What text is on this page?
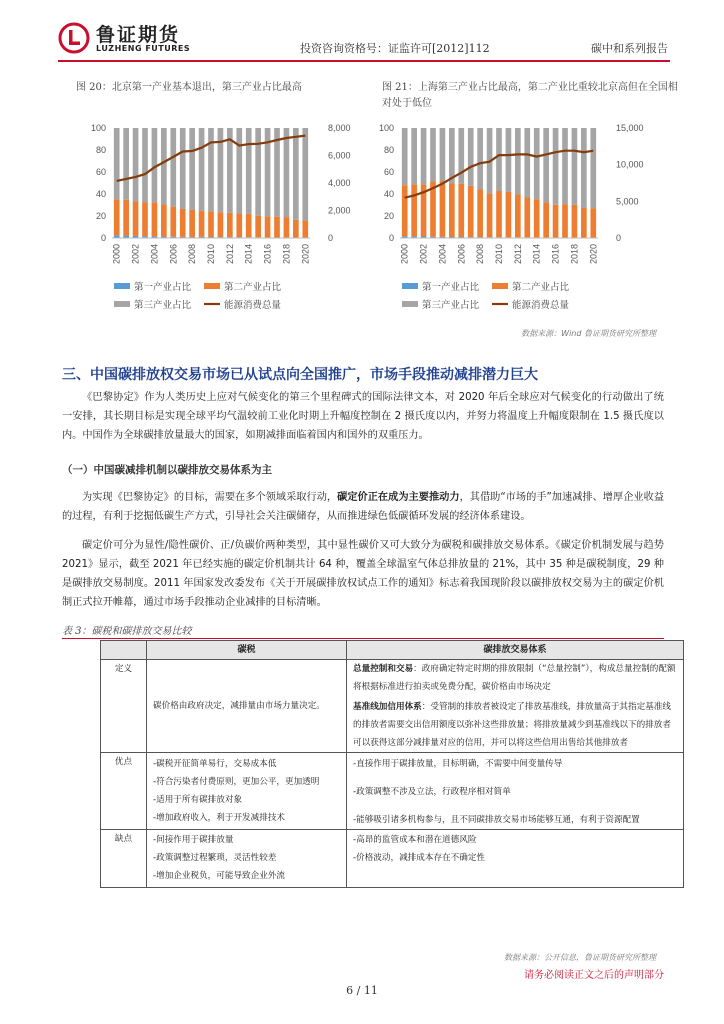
鲁证期货
LUZHENG FUTURES	投资咨询资格号：证监许可[2012]112	碳中和系列报告
图 20：北京第一产业基本退出，第三产业占比最高	图 21：上海第三产业占比最高，第二产业比重较北京高但在全国相对处于低位
0
20
40
60
80
100
0
2,000
4,000
6,000
8,000
2000 2002 2004 2006 2008 2010 2012 2014 2016 2018 2020
第一产业占比	第二产业占比
第三产业占比	能源消费总量
0
20
40
60
80
100
0
5,000
10,000
15,000
2000 2002 2004 2006 2008 2010 2012 2014 2016 2018 2020
第一产业占比	第二产业占比
第三产业占比	能源消费总量
数据来源：Wind 鲁证期货研究所整理
三、中国碳排放权交易市场已从试点向全国推广，市场手段推动减排潜力巨大

《巴黎协定》作为人类历史上应对气候变化的第三个里程碑式的国际法律文本，对 2020 年后全球应对气候变化的行动做出了统一安排，其长期目标是实现全球平均气温较前工业化时期上升幅度控制在 2 摄氏度以内，并努力将温度上升幅度限制在 1.5 摄氏度以内。中国作为全球碳排放量最大的国家，如期减排面临着国内和国外的双重压力。

（一）中国碳减排机制以碳排放交易体系为主

为实现《巴黎协定》的目标，需要在多个领域采取行动，碳定价正在成为主要推动力，其借助“市场的手”加速减排、增厚企业收益的过程，有利于挖掘低碳生产方式，引导社会关注碳储存，从而推进绿色低碳循环发展的经济体系建设。

碳定价可分为显性/隐性碳价、正/负碳价两种类型，其中显性碳价又可大致分为碳税和碳排放交易体系。《碳定价机制发展与趋势 2021》显示，截至 2021 年已经实施的碳定价机制共计 64 种，覆盖全球温室气体总排放量的 21%，其中 35 种是碳税制度，29 种是碳排放交易制度。2011 年国家发改委发布《关于开展碳排放权试点工作的通知》标志着我国现阶段以碳排放权交易为主的碳定价机制正式拉开帷幕，通过市场手段推动企业减排的目标清晰。

表 3：碳税和碳排放交易比较
	碳税	碳排放交易体系
定义	碳价格由政府决定，减排量由市场力量决定。	总量控制和交易：政府确定特定时期的排放限制（“总量控制”），构成总量控制的配额将根据标准进行拍卖或免费分配，碳价格由市场决定
基准线加信用体系：受管制的排放者被设定了排放基准线，排放量高于其指定基准线的排放者需要交出信用额度以弥补这些排放量；将排放量减少到基准线以下的排放者可以获得这部分减排量对应的信用，并可以将这些信用出售给其他排放者

优点	-碳税开征简单易行，交易成本低
-符合污染者付费原则，更加公平，更加透明
-适用于所有碳排放对象
-增加政府收入，利于开发减排技术	-直接作用于碳排放量，目标明确，不需要中间变量传导
-政策调整不涉及立法，行政程序相对简单
-能够吸引诸多机构参与，且不同碳排放交易市场能够互通，有利于资源配置

缺点	-间接作用于碳排放量
-政策调整过程繁琐，灵活性较差
-增加企业税负，可能导致企业外流	-高昂的监管成本和潜在道德风险
-价格波动，减排成本存在不确定性
数据来源：公开信息，鲁证期货研究所整理
请务必阅读正文之后的声明部分
6 / 11
